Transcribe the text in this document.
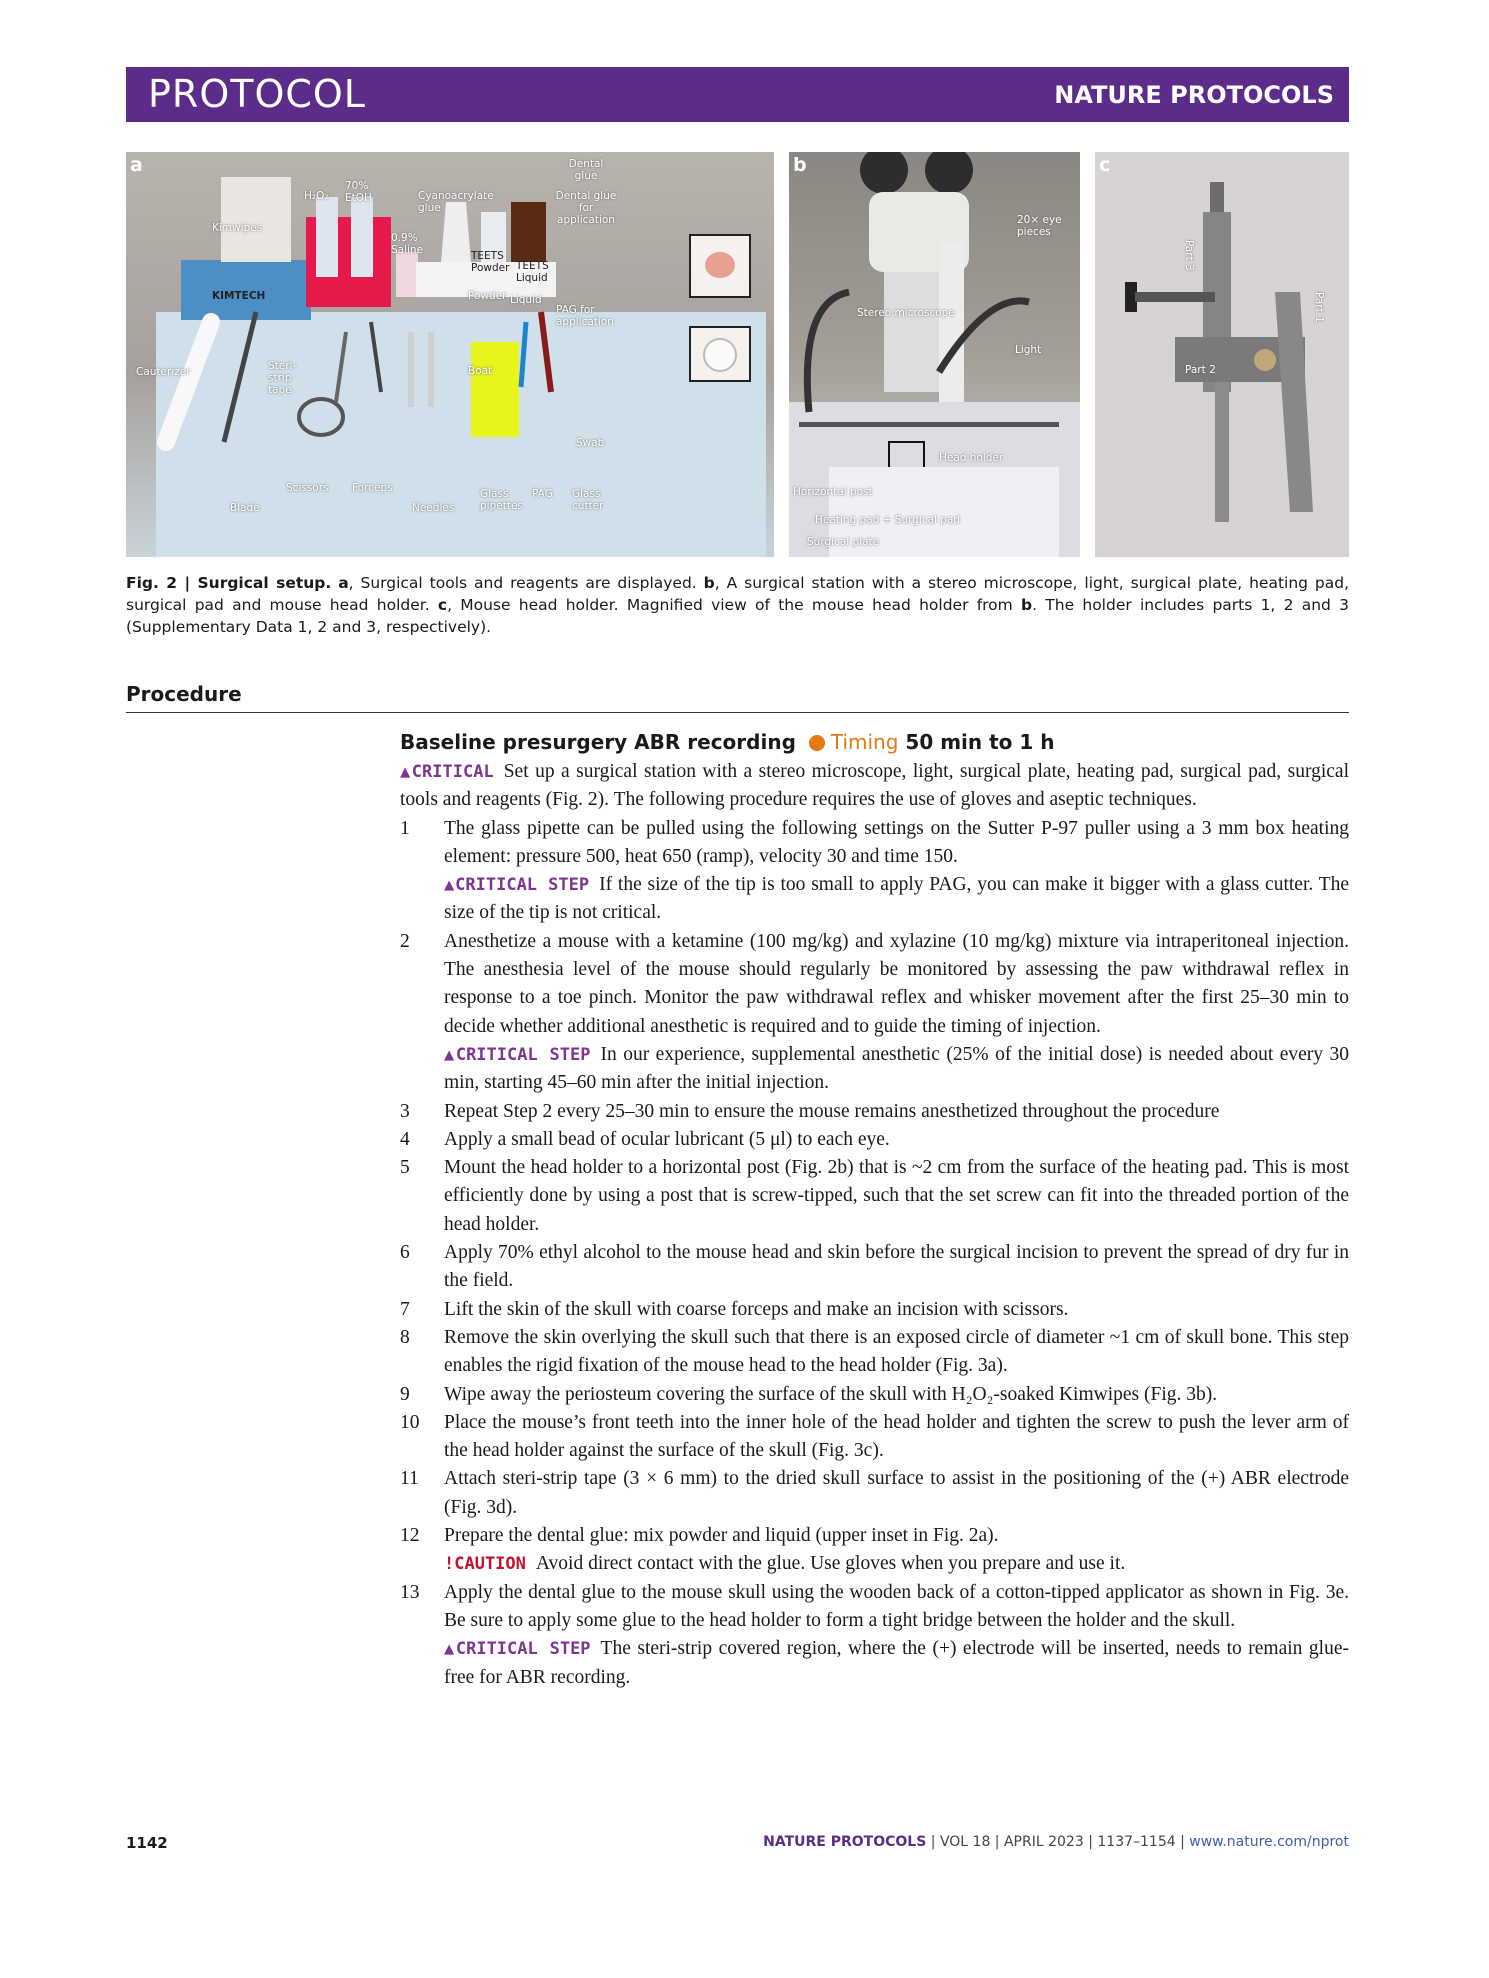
PROTOCOL	NATURE PROTOCOLS
a
H₂O₂
70% EtOH	Cyanoacrylate glue
Dental glue
Dental glue for application
Kimwipes
0.9% Saline	TEETS Powder TEETS Liquid
Powder Liquid
PAG for application
KIMTECH
Cauterizer	Steri- strip tape
Boat
Swab
Scissors Forceps
Blade	Needles
Glass pipettes
PAG Glass cutter
b
20× eye pieces
Stereo microscope
Light
Head holder
Horizontal post
Heating pad + Surgical pad
Surgical plate
c
Part 3
Part 1
Part 2
Fig. 2 | Surgical setup. a, Surgical tools and reagents are displayed. b, A surgical station with a stereo microscope, light, surgical plate, heating pad, surgical pad and mouse head holder. c, Mouse head holder. Magnified view of the mouse head holder from b. The holder includes parts 1, 2 and 3 (Supplementary Data 1, 2 and 3, respectively).
Procedure
Baseline presurgery ABR recording Timing 50 min to 1 h

▲CRITICAL Set up a surgical station with a stereo microscope, light, surgical plate, heating pad, surgical pad, surgical tools and reagents (Fig. 2). The following procedure requires the use of gloves and aseptic techniques.

1	The glass pipette can be pulled using the following settings on the Sutter P-97 puller using a 3 mm box heating element: pressure 500, heat 650 (ramp), velocity 30 and time 150.
▲CRITICAL STEP If the size of the tip is too small to apply PAG, you can make it bigger with a glass cutter. The size of the tip is not critical.
2	Anesthetize a mouse with a ketamine (100 mg/kg) and xylazine (10 mg/kg) mixture via intraperitoneal injection. The anesthesia level of the mouse should regularly be monitored by assessing the paw withdrawal reflex in response to a toe pinch. Monitor the paw withdrawal reflex and whisker movement after the first 25–30 min to decide whether additional anesthetic is required and to guide the timing of injection.
▲CRITICAL STEP In our experience, supplemental anesthetic (25% of the initial dose) is needed about every 30 min, starting 45–60 min after the initial injection.
3	Repeat Step 2 every 25–30 min to ensure the mouse remains anesthetized throughout the procedure
4	Apply a small bead of ocular lubricant (5 μl) to each eye.
5	Mount the head holder to a horizontal post (Fig. 2b) that is ~2 cm from the surface of the heating pad. This is most efficiently done by using a post that is screw-tipped, such that the set screw can fit into the threaded portion of the head holder.
6	Apply 70% ethyl alcohol to the mouse head and skin before the surgical incision to prevent the spread of dry fur in the field.
7	Lift the skin of the skull with coarse forceps and make an incision with scissors.
8	Remove the skin overlying the skull such that there is an exposed circle of diameter ~1 cm of skull bone. This step enables the rigid fixation of the mouse head to the head holder (Fig. 3a).
9	Wipe away the periosteum covering the surface of the skull with H₂O₂-soaked Kimwipes (Fig. 3b).
10	Place the mouse’s front teeth into the inner hole of the head holder and tighten the screw to push the lever arm of the head holder against the surface of the skull (Fig. 3c).
11	Attach steri-strip tape (3 × 6 mm) to the dried skull surface to assist in the positioning of the (+) ABR electrode (Fig. 3d).
12	Prepare the dental glue: mix powder and liquid (upper inset in Fig. 2a).
!CAUTION Avoid direct contact with the glue. Use gloves when you prepare and use it.
13	Apply the dental glue to the mouse skull using the wooden back of a cotton-tipped applicator as shown in Fig. 3e. Be sure to apply some glue to the head holder to form a tight bridge between the holder and the skull.
▲CRITICAL STEP The steri-strip covered region, where the (+) electrode will be inserted, needs to remain glue-free for ABR recording.
1142	NATURE PROTOCOLS | VOL 18 | APRIL 2023 | 1137–1154 | www.nature.com/nprot
